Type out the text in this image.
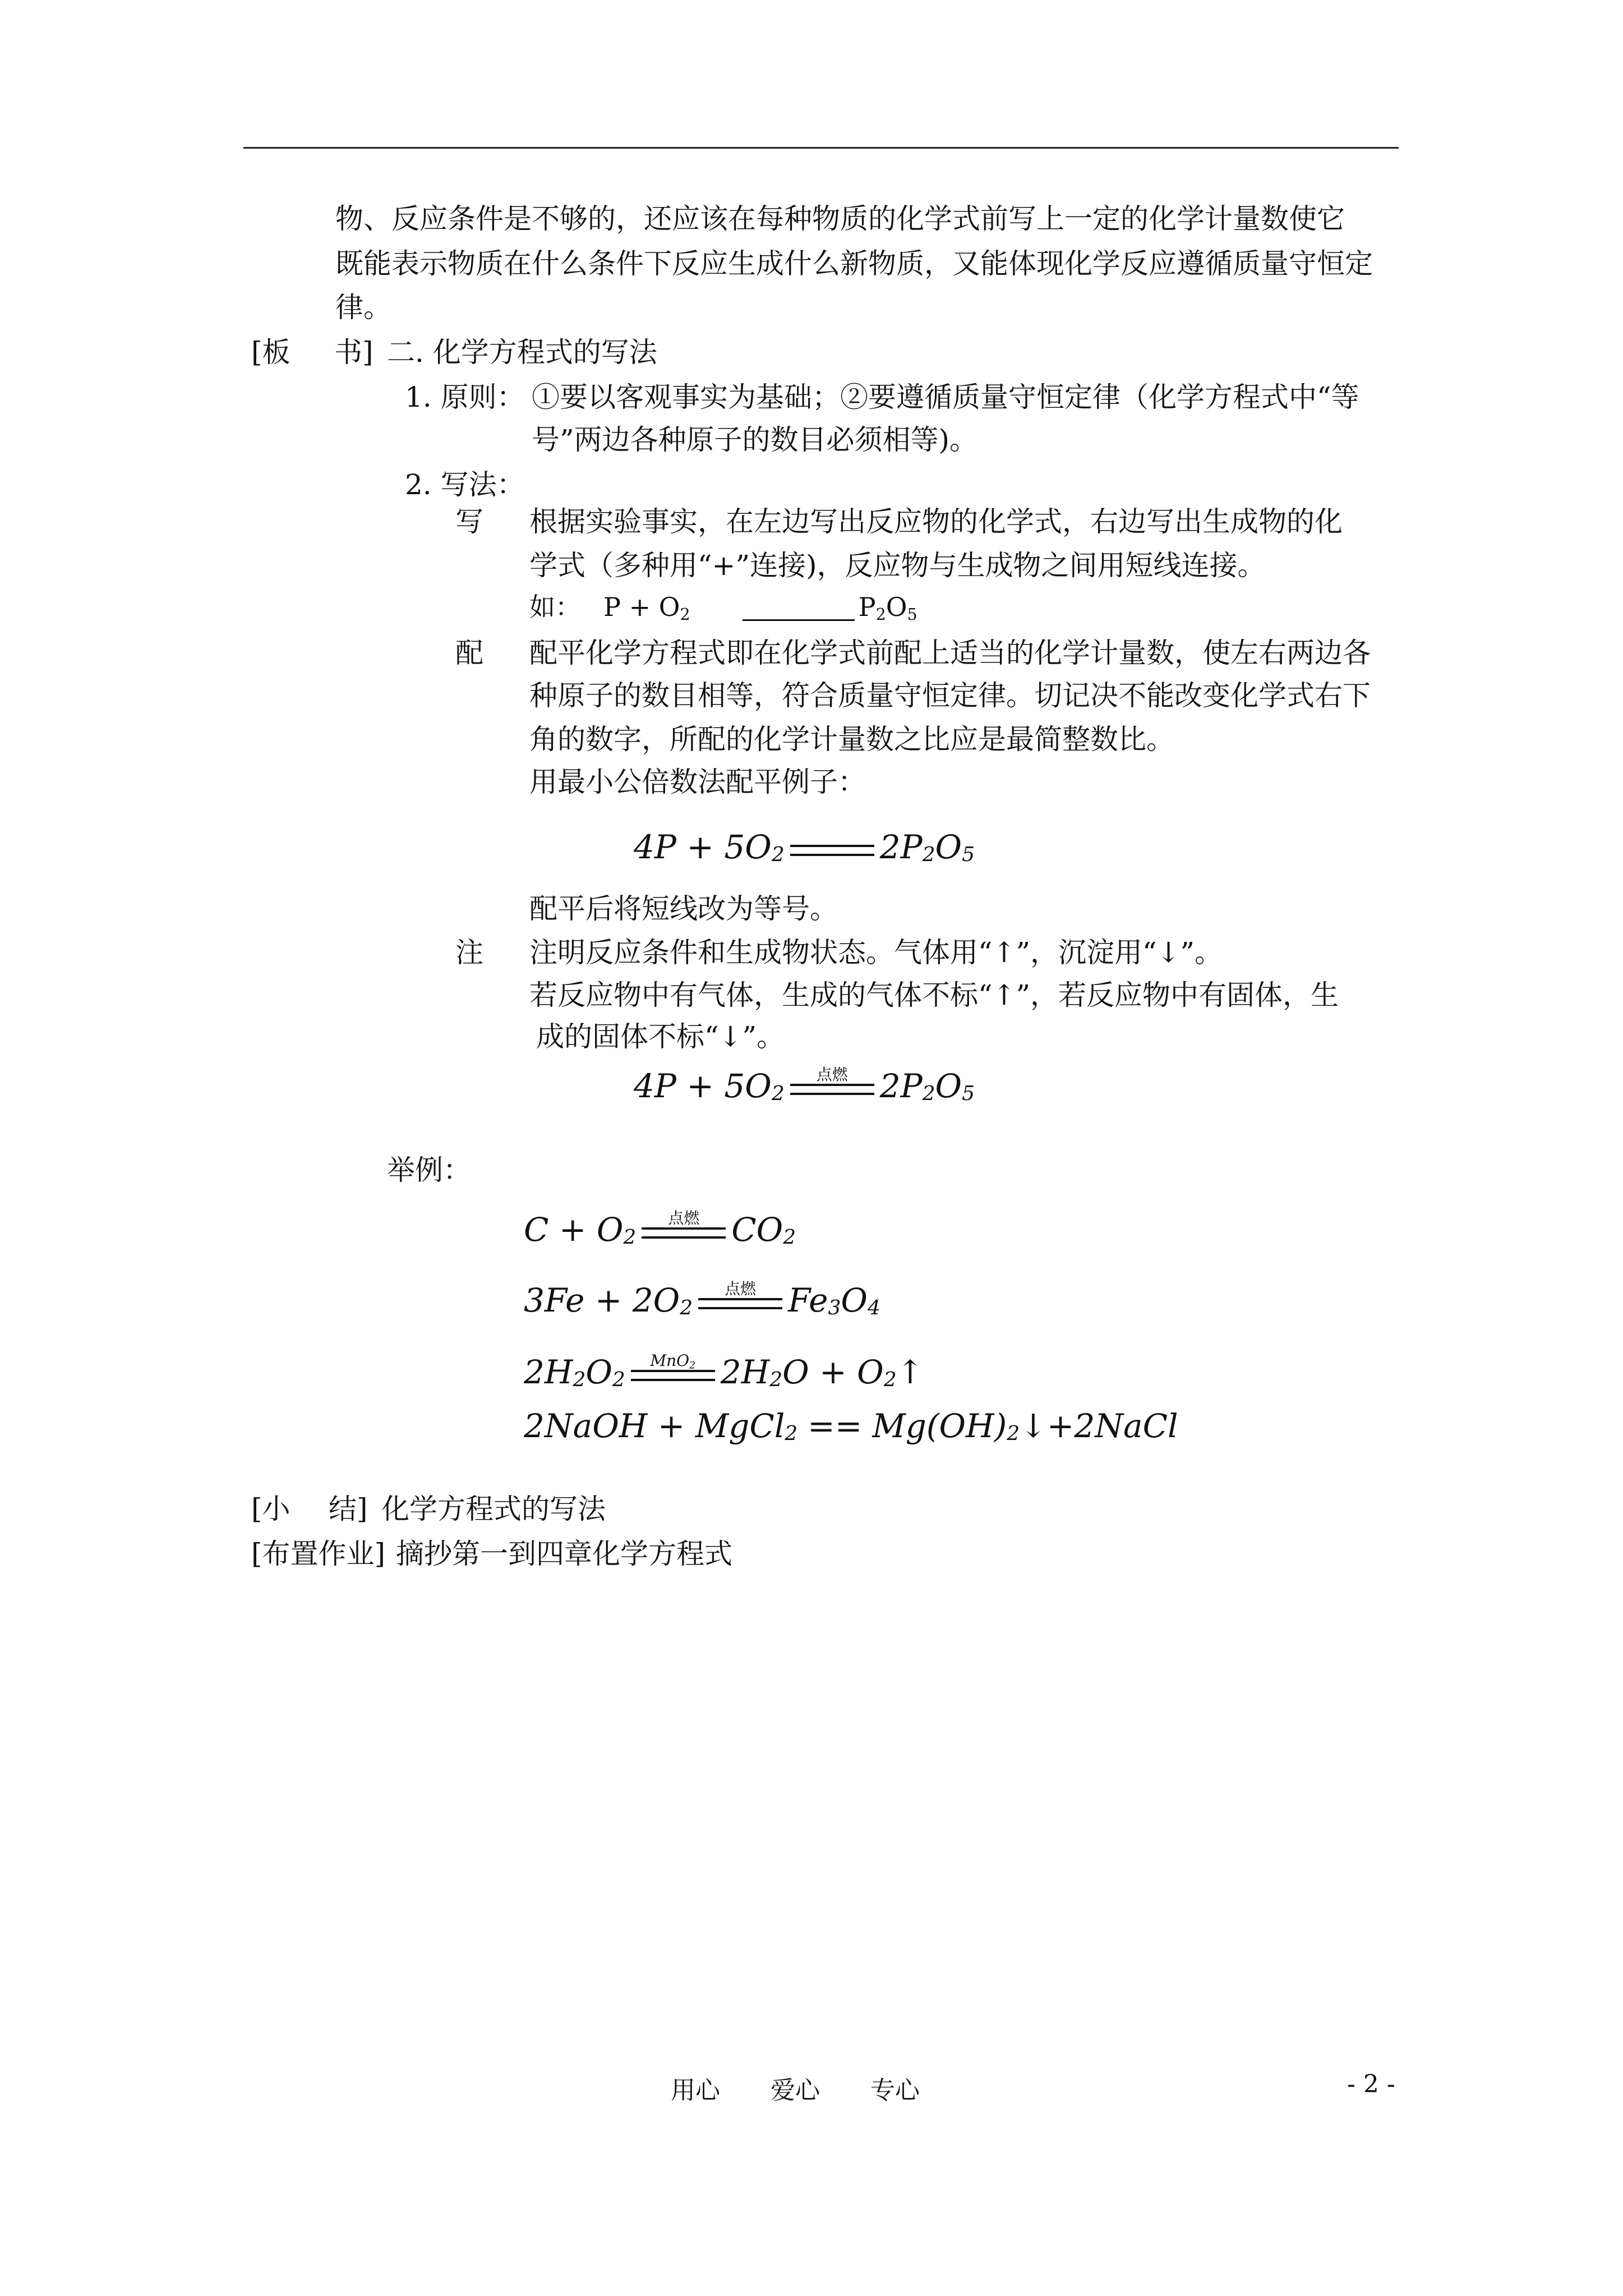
物、反应条件是不够的，还应该在每种物质的化学式前写上一定的化学计量数使它
既能表示物质在什么条件下反应生成什么新物质，又能体现化学反应遵循质量守恒定
律。
[板 书] 二. 化学方程式的写法
1. 原则： ①要以客观事实为基础；②要遵循质量守恒定律（化学方程式中“等
号”两边各种原子的数目必须相等)。
2. 写法：
写 根据实验事实，在左边写出反应物的化学式，右边写出生成物的化
学式（多种用“+”连接)，反应物与生成物之间用短线连接。
如： $P + O_2$	$P_2O_5$
配 配平化学方程式即在化学式前配上适当的化学计量数，使左右两边各
种原子的数目相等，符合质量守恒定律。切记决不能改变化学式右下
角的数字，所配的化学计量数之比应是最简整数比。
用最小公倍数法配平例子：
4P + 5O 2	2P 2 O 5
配平后将短线改为等号。
注 注明反应条件和生成物状态。气体用“↑”，沉淀用“↓”。
若反应物中有气体，生成的气体不标“↑”，若反应物中有固体，生
成的固体不标“↓”。
4P + 5O 2
点燃 2P 2 O 5
举例：
C + O 2
点燃 CO 2
3Fe + 2O 2
点燃 Fe 3 O 4
2H 2 O 2
MnO$_2$ 2H 2 O + O 2 ↑
2NaOH + MgCl 2 == Mg(OH) 2 ↓ +2NaCl
[小 结] 化学方程式的写法
[布置作业] 摘抄第一到四章化学方程式
用心 爱心 专心	- 2 -
